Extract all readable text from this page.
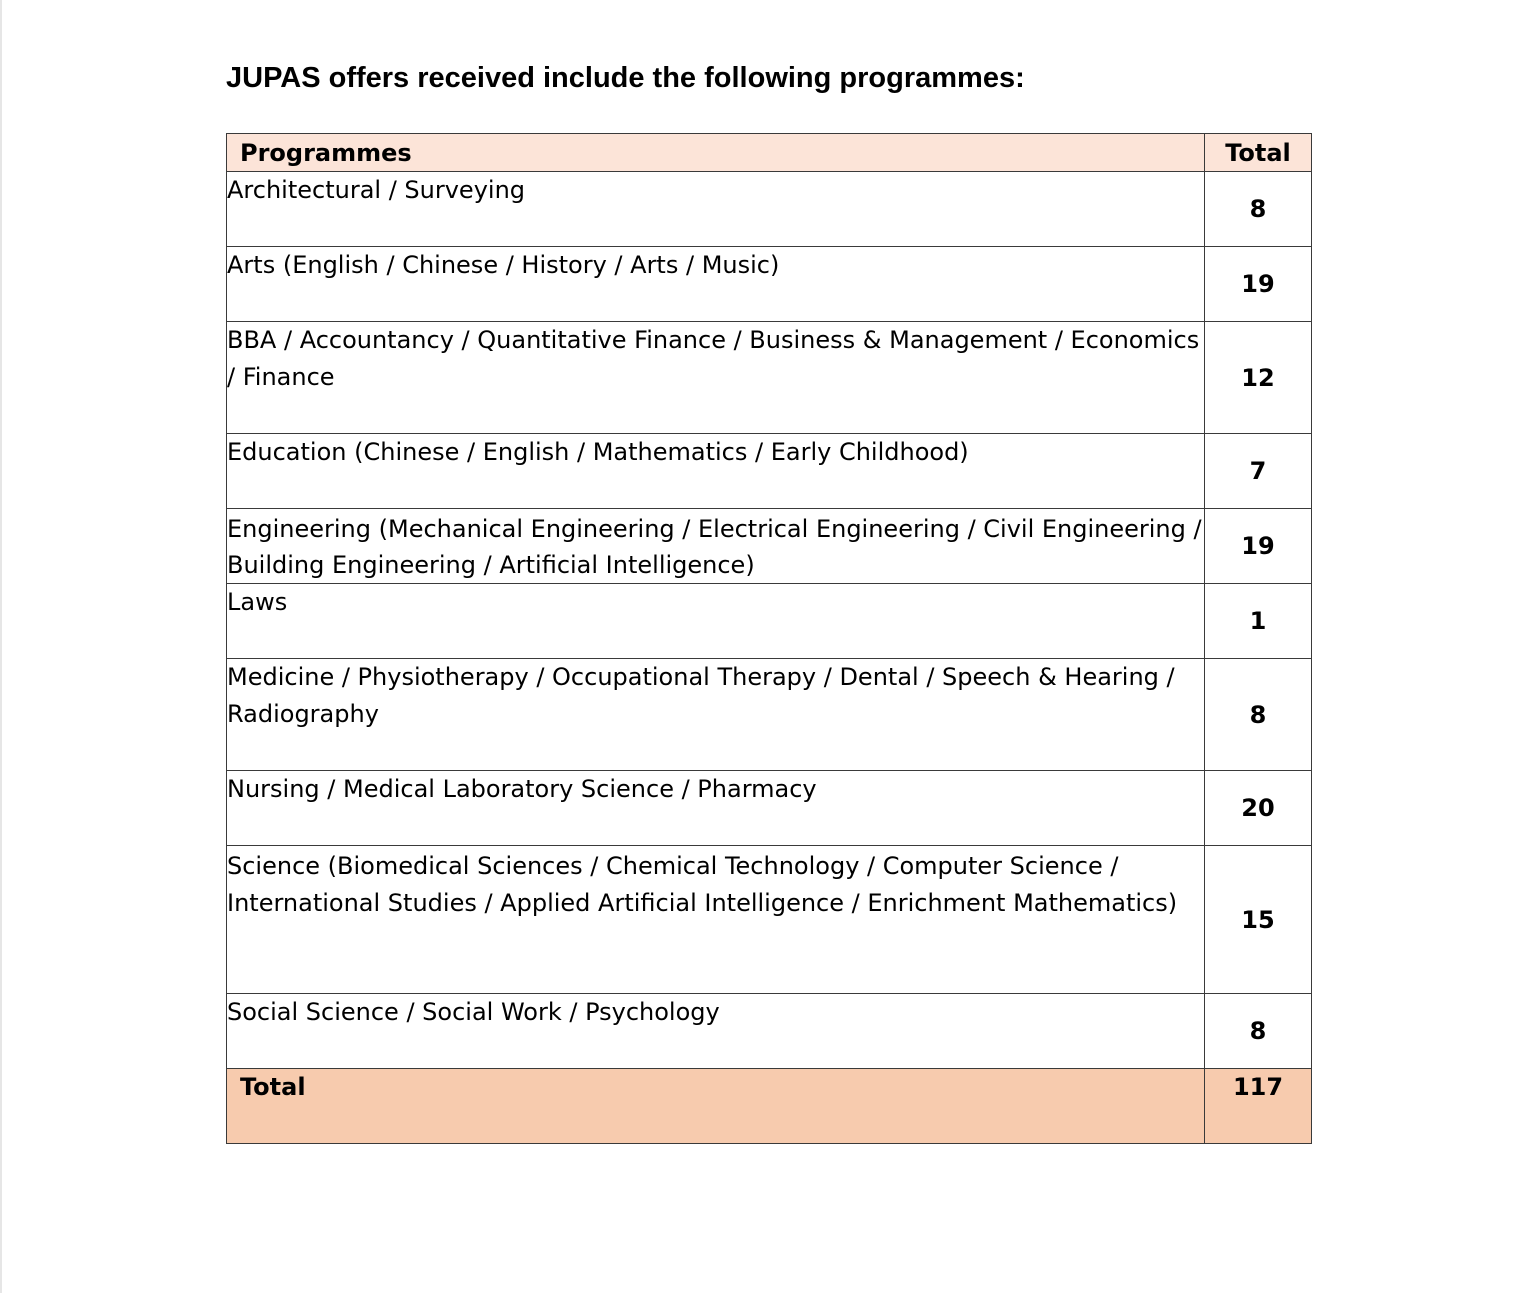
JUPAS offers received include the following programmes:
Programmes	Total
Architectural / Surveying	8
Arts (English / Chinese / History / Arts / Music)	19
BBA / Accountancy / Quantitative Finance / Business & Management / Economics / Finance	12
Education (Chinese / English / Mathematics / Early Childhood)	7
Engineering (Mechanical Engineering / Electrical Engineering / Civil Engineering / Building Engineering / Artificial Intelligence)	19
Laws	1
Medicine / Physiotherapy / Occupational Therapy / Dental / Speech & Hearing / Radiography	8
Nursing / Medical Laboratory Science / Pharmacy	20
Science (Biomedical Sciences / Chemical Technology / Computer Science / International Studies / Applied Artificial Intelligence / Enrichment Mathematics)	15
Social Science / Social Work / Psychology	8
Total	117
